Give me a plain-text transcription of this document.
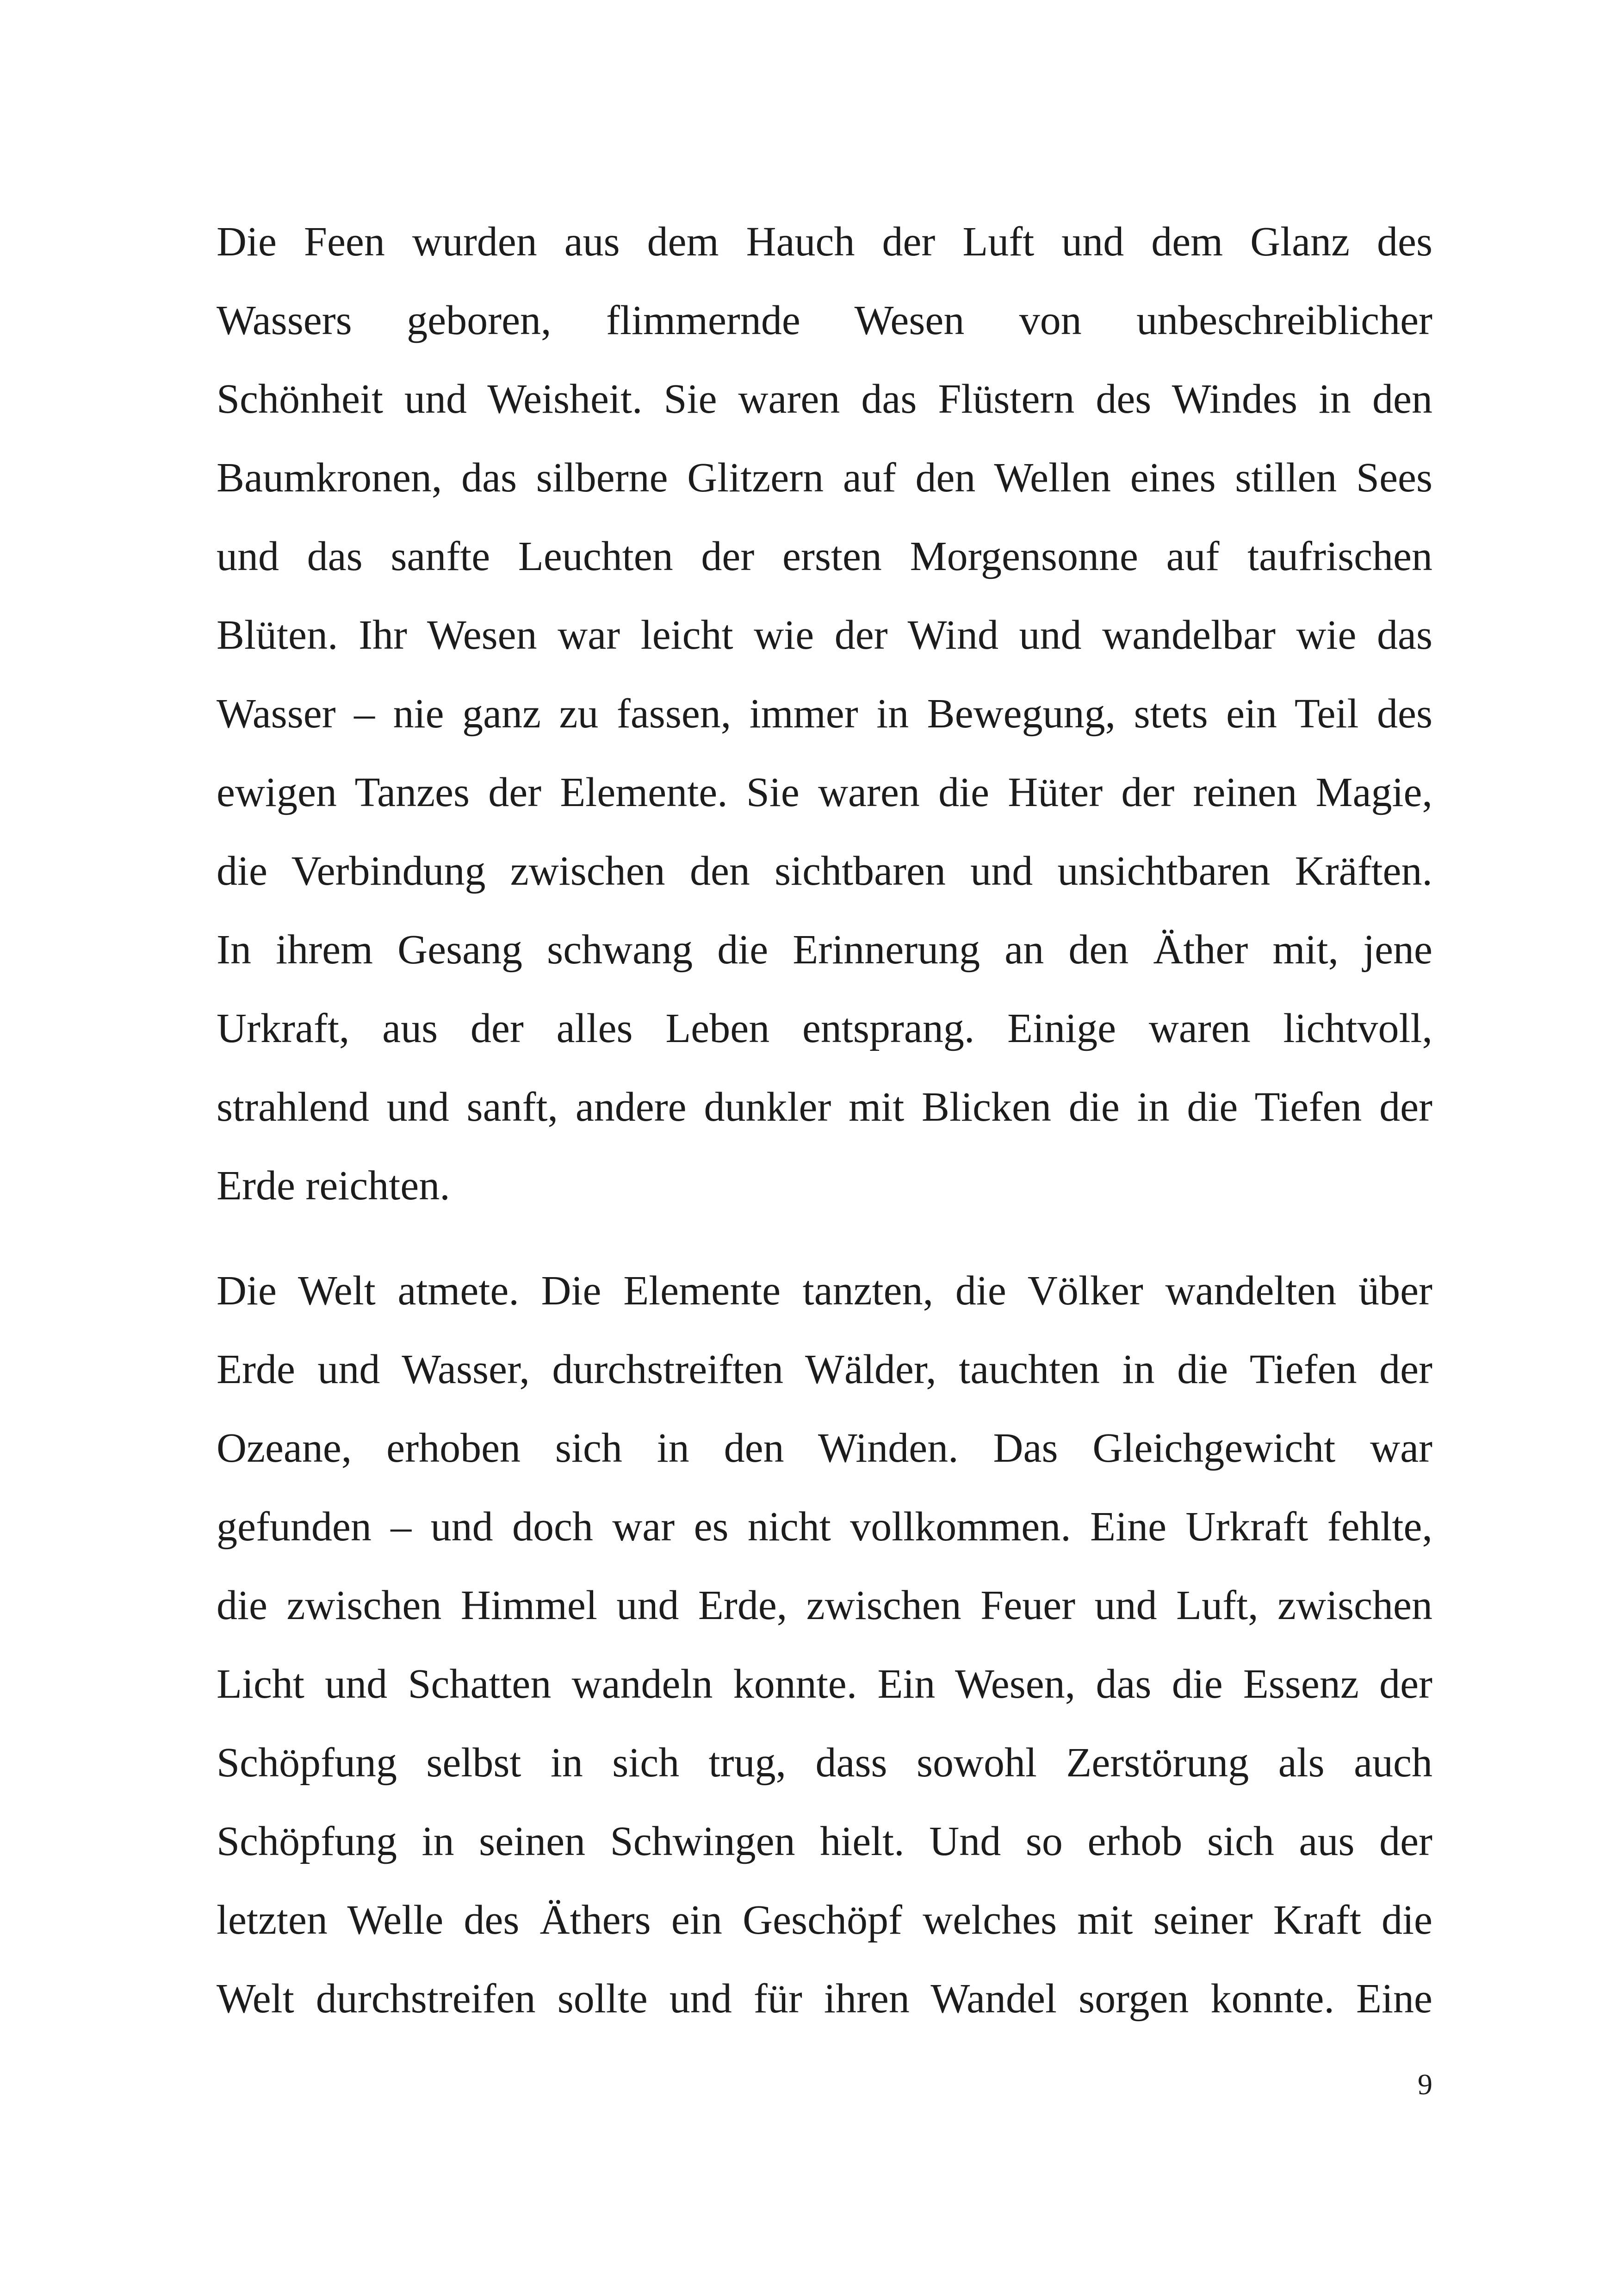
Die Feen wurden aus dem Hauch der Luft und dem Glanz des
Wassers geboren, flimmernde Wesen von unbeschreiblicher
Schönheit und Weisheit. Sie waren das Flüstern des Windes in den
Baumkronen, das silberne Glitzern auf den Wellen eines stillen Sees
und das sanfte Leuchten der ersten Morgensonne auf taufrischen
Blüten. Ihr Wesen war leicht wie der Wind und wandelbar wie das
Wasser – nie ganz zu fassen, immer in Bewegung, stets ein Teil des
ewigen Tanzes der Elemente. Sie waren die Hüter der reinen Magie,
die Verbindung zwischen den sichtbaren und unsichtbaren Kräften.
In ihrem Gesang schwang die Erinnerung an den Äther mit, jene
Urkraft, aus der alles Leben entsprang. Einige waren lichtvoll,
strahlend und sanft, andere dunkler mit Blicken die in die Tiefen der
Erde reichten.
Die Welt atmete. Die Elemente tanzten, die Völker wandelten über
Erde und Wasser, durchstreiften Wälder, tauchten in die Tiefen der
Ozeane, erhoben sich in den Winden. Das Gleichgewicht war
gefunden – und doch war es nicht vollkommen. Eine Urkraft fehlte,
die zwischen Himmel und Erde, zwischen Feuer und Luft, zwischen
Licht und Schatten wandeln konnte. Ein Wesen, das die Essenz der
Schöpfung selbst in sich trug, dass sowohl Zerstörung als auch
Schöpfung in seinen Schwingen hielt. Und so erhob sich aus der
letzten Welle des Äthers ein Geschöpf welches mit seiner Kraft die
Welt durchstreifen sollte und für ihren Wandel sorgen konnte. Eine
9
